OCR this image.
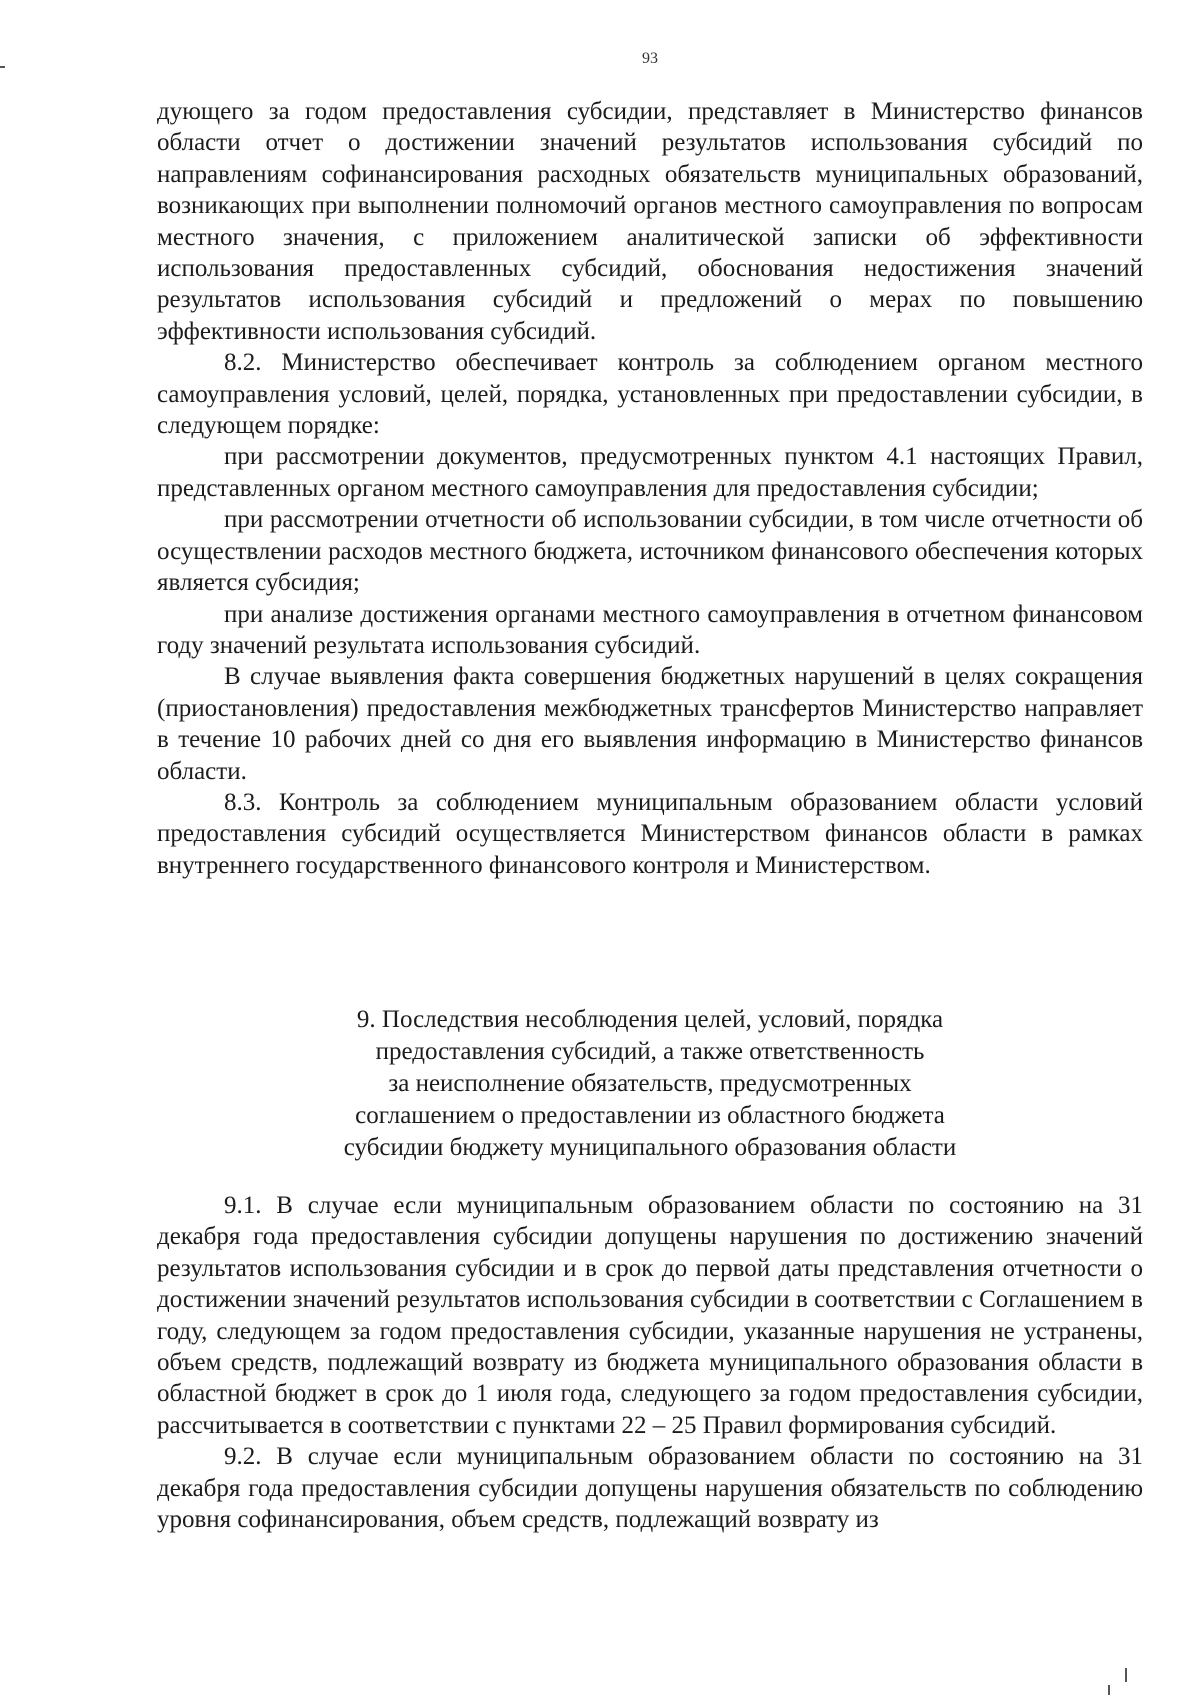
93

дующего за годом предоставления субсидии, представляет в Министерство финансов области отчет о достижении значений результатов использования субсидий по направлениям софинансирования расходных обязательств муниципальных образований, возникающих при выполнении полномочий органов местного самоуправления по вопросам местного значения, с приложением аналитической записки об эффективности использования предоставленных субсидий, обоснования недостижения значений результатов использования субсидий и предложений о мерах по повышению эффективности использования субсидий.

8.2. Министерство обеспечивает контроль за соблюдением органом местного самоуправления условий, целей, порядка, установленных при предоставлении субсидии, в следующем порядке:

при рассмотрении документов, предусмотренных пунктом 4.1 настоящих Правил, представленных органом местного самоуправления для предоставления субсидии;

при рассмотрении отчетности об использовании субсидии, в том числе отчетности об осуществлении расходов местного бюджета, источником финансового обеспечения которых является субсидия;

при анализе достижения органами местного самоуправления в отчетном финансовом году значений результата использования субсидий.

В случае выявления факта совершения бюджетных нарушений в целях сокращения (приостановления) предоставления межбюджетных трансфертов Министерство направляет в течение 10 рабочих дней со дня его выявления информацию в Министерство финансов области.

8.3. Контроль за соблюдением муниципальным образованием области условий предоставления субсидий осуществляется Министерством финансов области в рамках внутреннего государственного финансового контроля и Министерством.

9. Последствия несоблюдения целей, условий, порядка
предоставления субсидий, а также ответственность
за неисполнение обязательств, предусмотренных
соглашением о предоставлении из областного бюджета
субсидии бюджету муниципального образования области

9.1. В случае если муниципальным образованием области по состоянию на 31 декабря года предоставления субсидии допущены нарушения по достижению значений результатов использования субсидии и в срок до первой даты представления отчетности о достижении значений результатов использования субсидии в соответствии с Соглашением в году, следующем за годом предоставления субсидии, указанные нарушения не устранены, объем средств, подлежащий возврату из бюджета муниципального образования области в областной бюджет в срок до 1 июля года, следующего за годом предоставления субсидии, рассчитывается в соответствии с пунктами 22 – 25 Правил формирования субсидий.

9.2. В случае если муниципальным образованием области по состоянию на 31 декабря года предоставления субсидии допущены нарушения обязательств по соблюдению уровня софинансирования, объем средств, подлежащий возврату из
